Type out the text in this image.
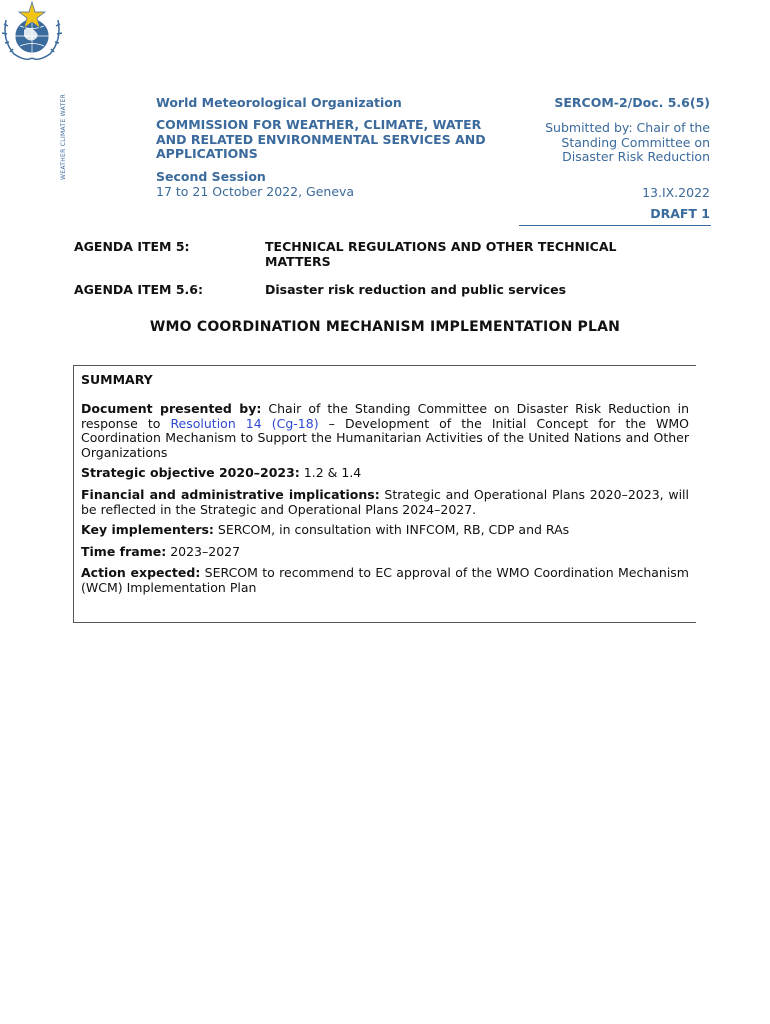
WEATHER CLIMATE WATER	World Meteorological Organization
COMMISSION FOR WEATHER, CLIMATE, WATER AND RELATED ENVIRONMENTAL SERVICES AND APPLICATIONS
Second Session
17 to 21 October 2022, Geneva
SERCOM-2/Doc. 5.6(5)
Submitted by: Chair of the Standing Committee on Disaster Risk Reduction
13.IX.2022
DRAFT 1
AGENDA ITEM 5:	TECHNICAL REGULATIONS AND OTHER TECHNICAL MATTERS
AGENDA ITEM 5.6:	Disaster risk reduction and public services
WMO COORDINATION MECHANISM IMPLEMENTATION PLAN
SUMMARY
Document presented by: Chair of the Standing Committee on Disaster Risk Reduction in response to Resolution 14 (Cg-18) – Development of the Initial Concept for the WMO Coordination Mechanism to Support the Humanitarian Activities of the United Nations and Other Organizations
Strategic objective 2020–2023: 1.2 & 1.4
Financial and administrative implications: Strategic and Operational Plans 2020–2023, will be reflected in the Strategic and Operational Plans 2024–2027.
Key implementers: SERCOM, in consultation with INFCOM, RB, CDP and RAs
Time frame: 2023–2027
Action expected: SERCOM to recommend to EC approval of the WMO Coordination Mechanism (WCM) Implementation Plan
